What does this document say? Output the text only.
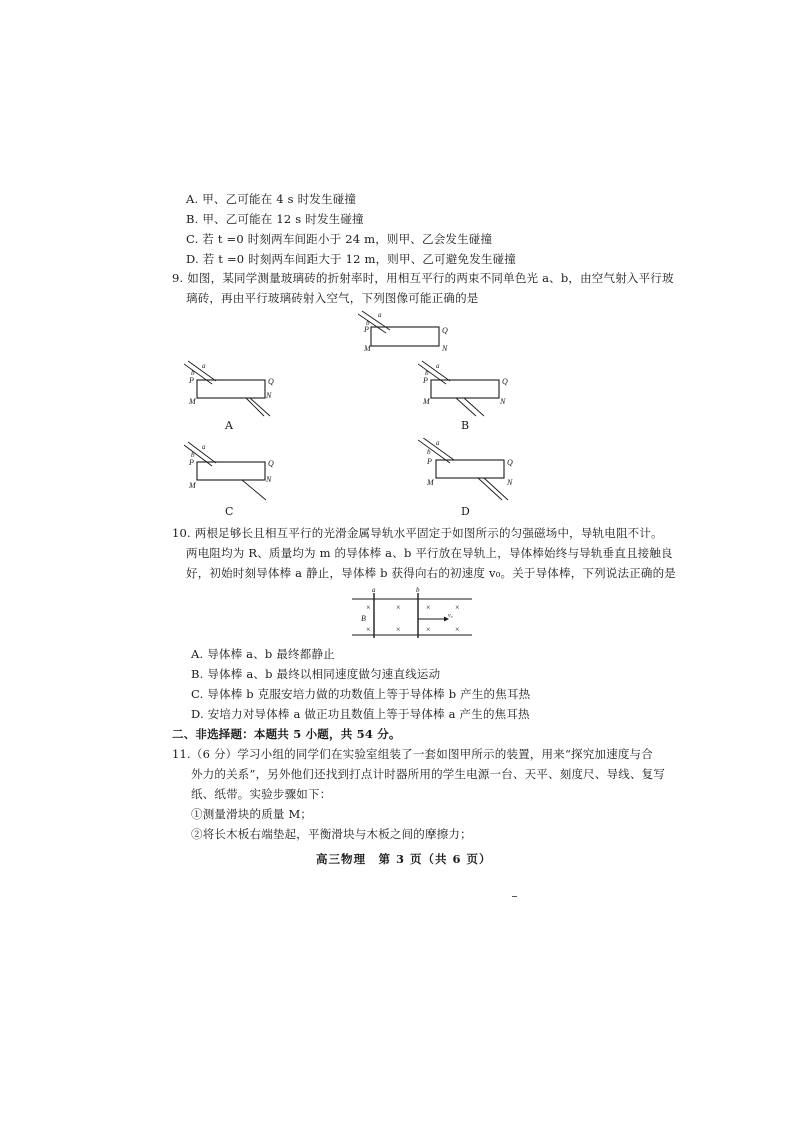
A. 甲、乙可能在 4 s 时发生碰撞
B. 甲、乙可能在 12 s 时发生碰撞
C. 若 t =0 时刻两车间距小于 24 m，则甲、乙会发生碰撞
D. 若 t =0 时刻两车间距大于 12 m，则甲、乙可避免发生碰撞
9. 如图，某同学测量玻璃砖的折射率时，用相互平行的两束不同单色光 a、b，由空气射入平行玻
璃砖，再由平行玻璃砖射入空气，下列图像可能正确的是
a
b
P	Q
M	N
a
b
P	Q
M
N
A
a
b
P	Q
M	N
B
a
b
P	Q
M
N
C
a
b
P	Q
M	N
D
10. 两根足够长且相互平行的光滑金属导轨水平固定于如图所示的匀强磁场中，导轨电阻不计。
两电阻均为 R、质量均为 m 的导体棒 a、b 平行放在导轨上，导体棒始终与导轨垂直且接触良
好，初始时刻导体棒 a 静止，导体棒 b 获得向右的初速度 v₀。关于导体棒，下列说法正确的是
a	b
B
×	×	×	×
×	×	×	×
v₀
A. 导体棒 a、b 最终都静止
B. 导体棒 a、b 最终以相同速度做匀速直线运动
C. 导体棒 b 克服安培力做的功数值上等于导体棒 b 产生的焦耳热
D. 安培力对导体棒 a 做正功且数值上等于导体棒 a 产生的焦耳热
二、非选择题：本题共 5 小题，共 54 分。
11.（6 分）学习小组的同学们在实验室组装了一套如图甲所示的装置，用来“探究加速度与合
外力的关系”，另外他们还找到打点计时器所用的学生电源一台、天平、刻度尺、导线、复写
纸、纸带。实验步骤如下：
①测量滑块的质量 M；
②将长木板右端垫起，平衡滑块与木板之间的摩擦力；
高三物理　第 3 页（共 6 页）
